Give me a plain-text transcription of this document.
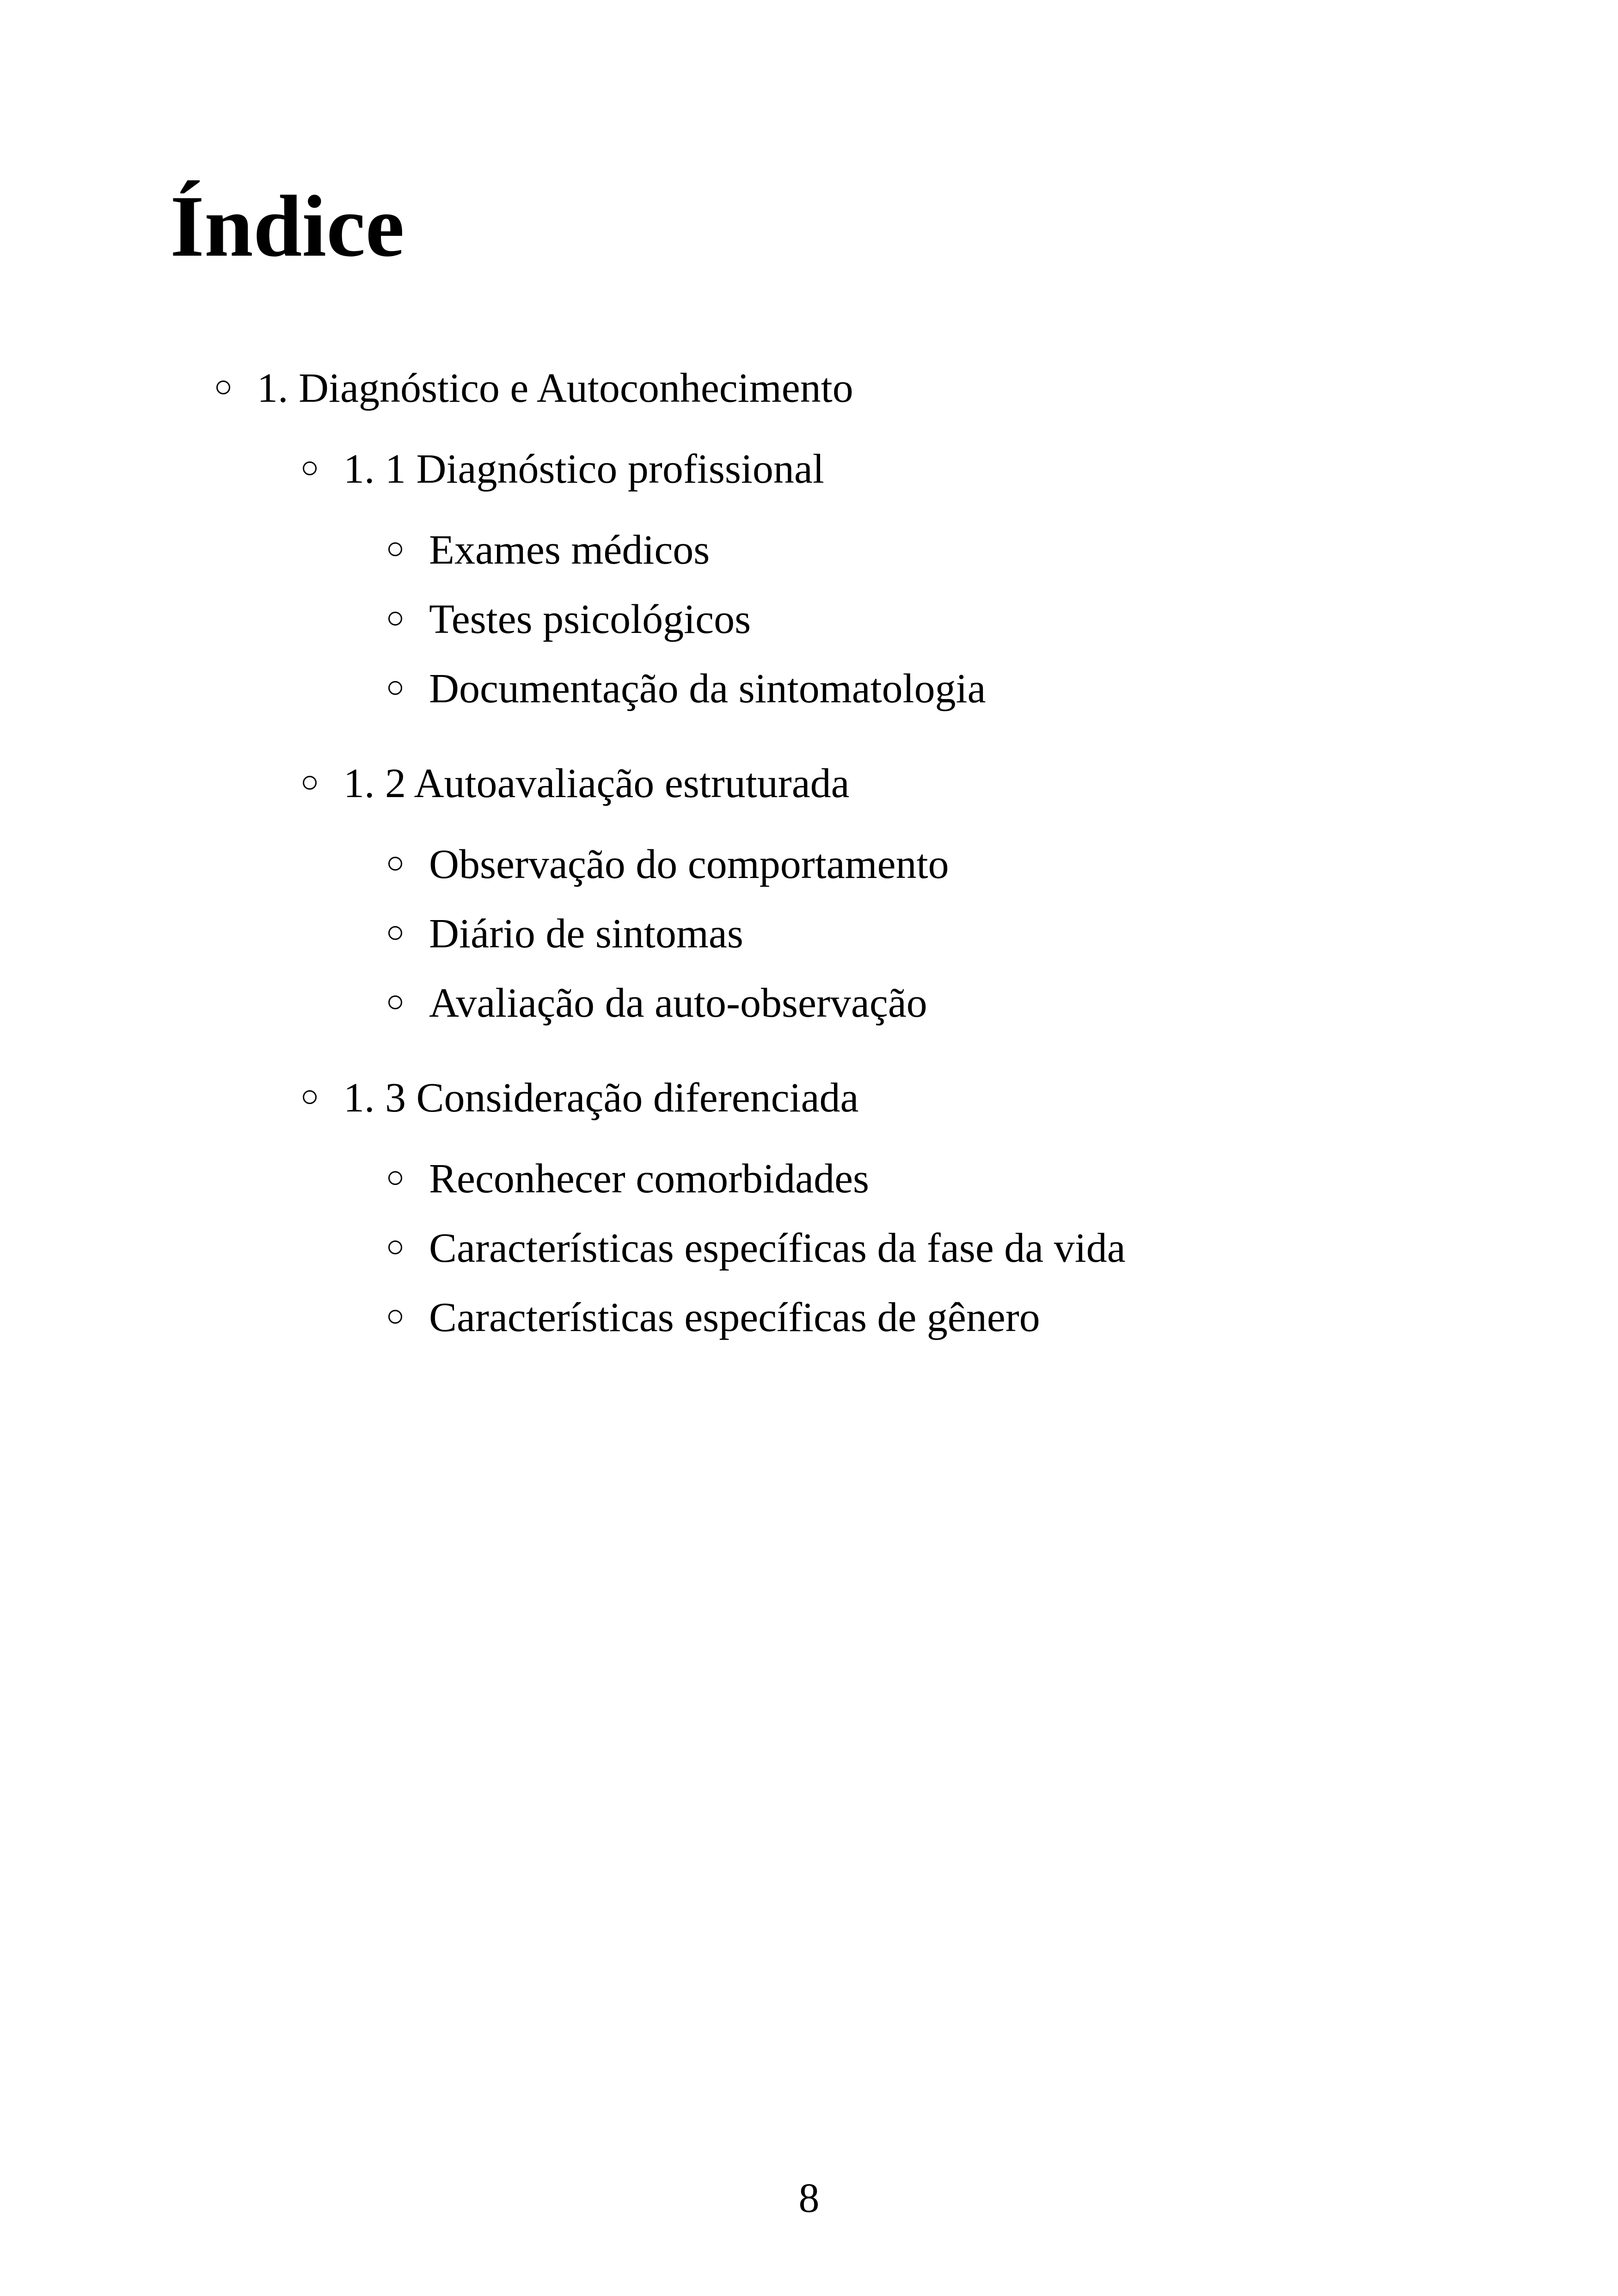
Índice
1. Diagnóstico e Autoconhecimento
1. 1 Diagnóstico profissional
Exames médicos
Testes psicológicos
Documentação da sintomatologia
1. 2 Autoavaliação estruturada
Observação do comportamento
Diário de sintomas
Avaliação da auto-observação
1. 3 Consideração diferenciada
Reconhecer comorbidades
Características específicas da fase da vida
Características específicas de gênero
8
